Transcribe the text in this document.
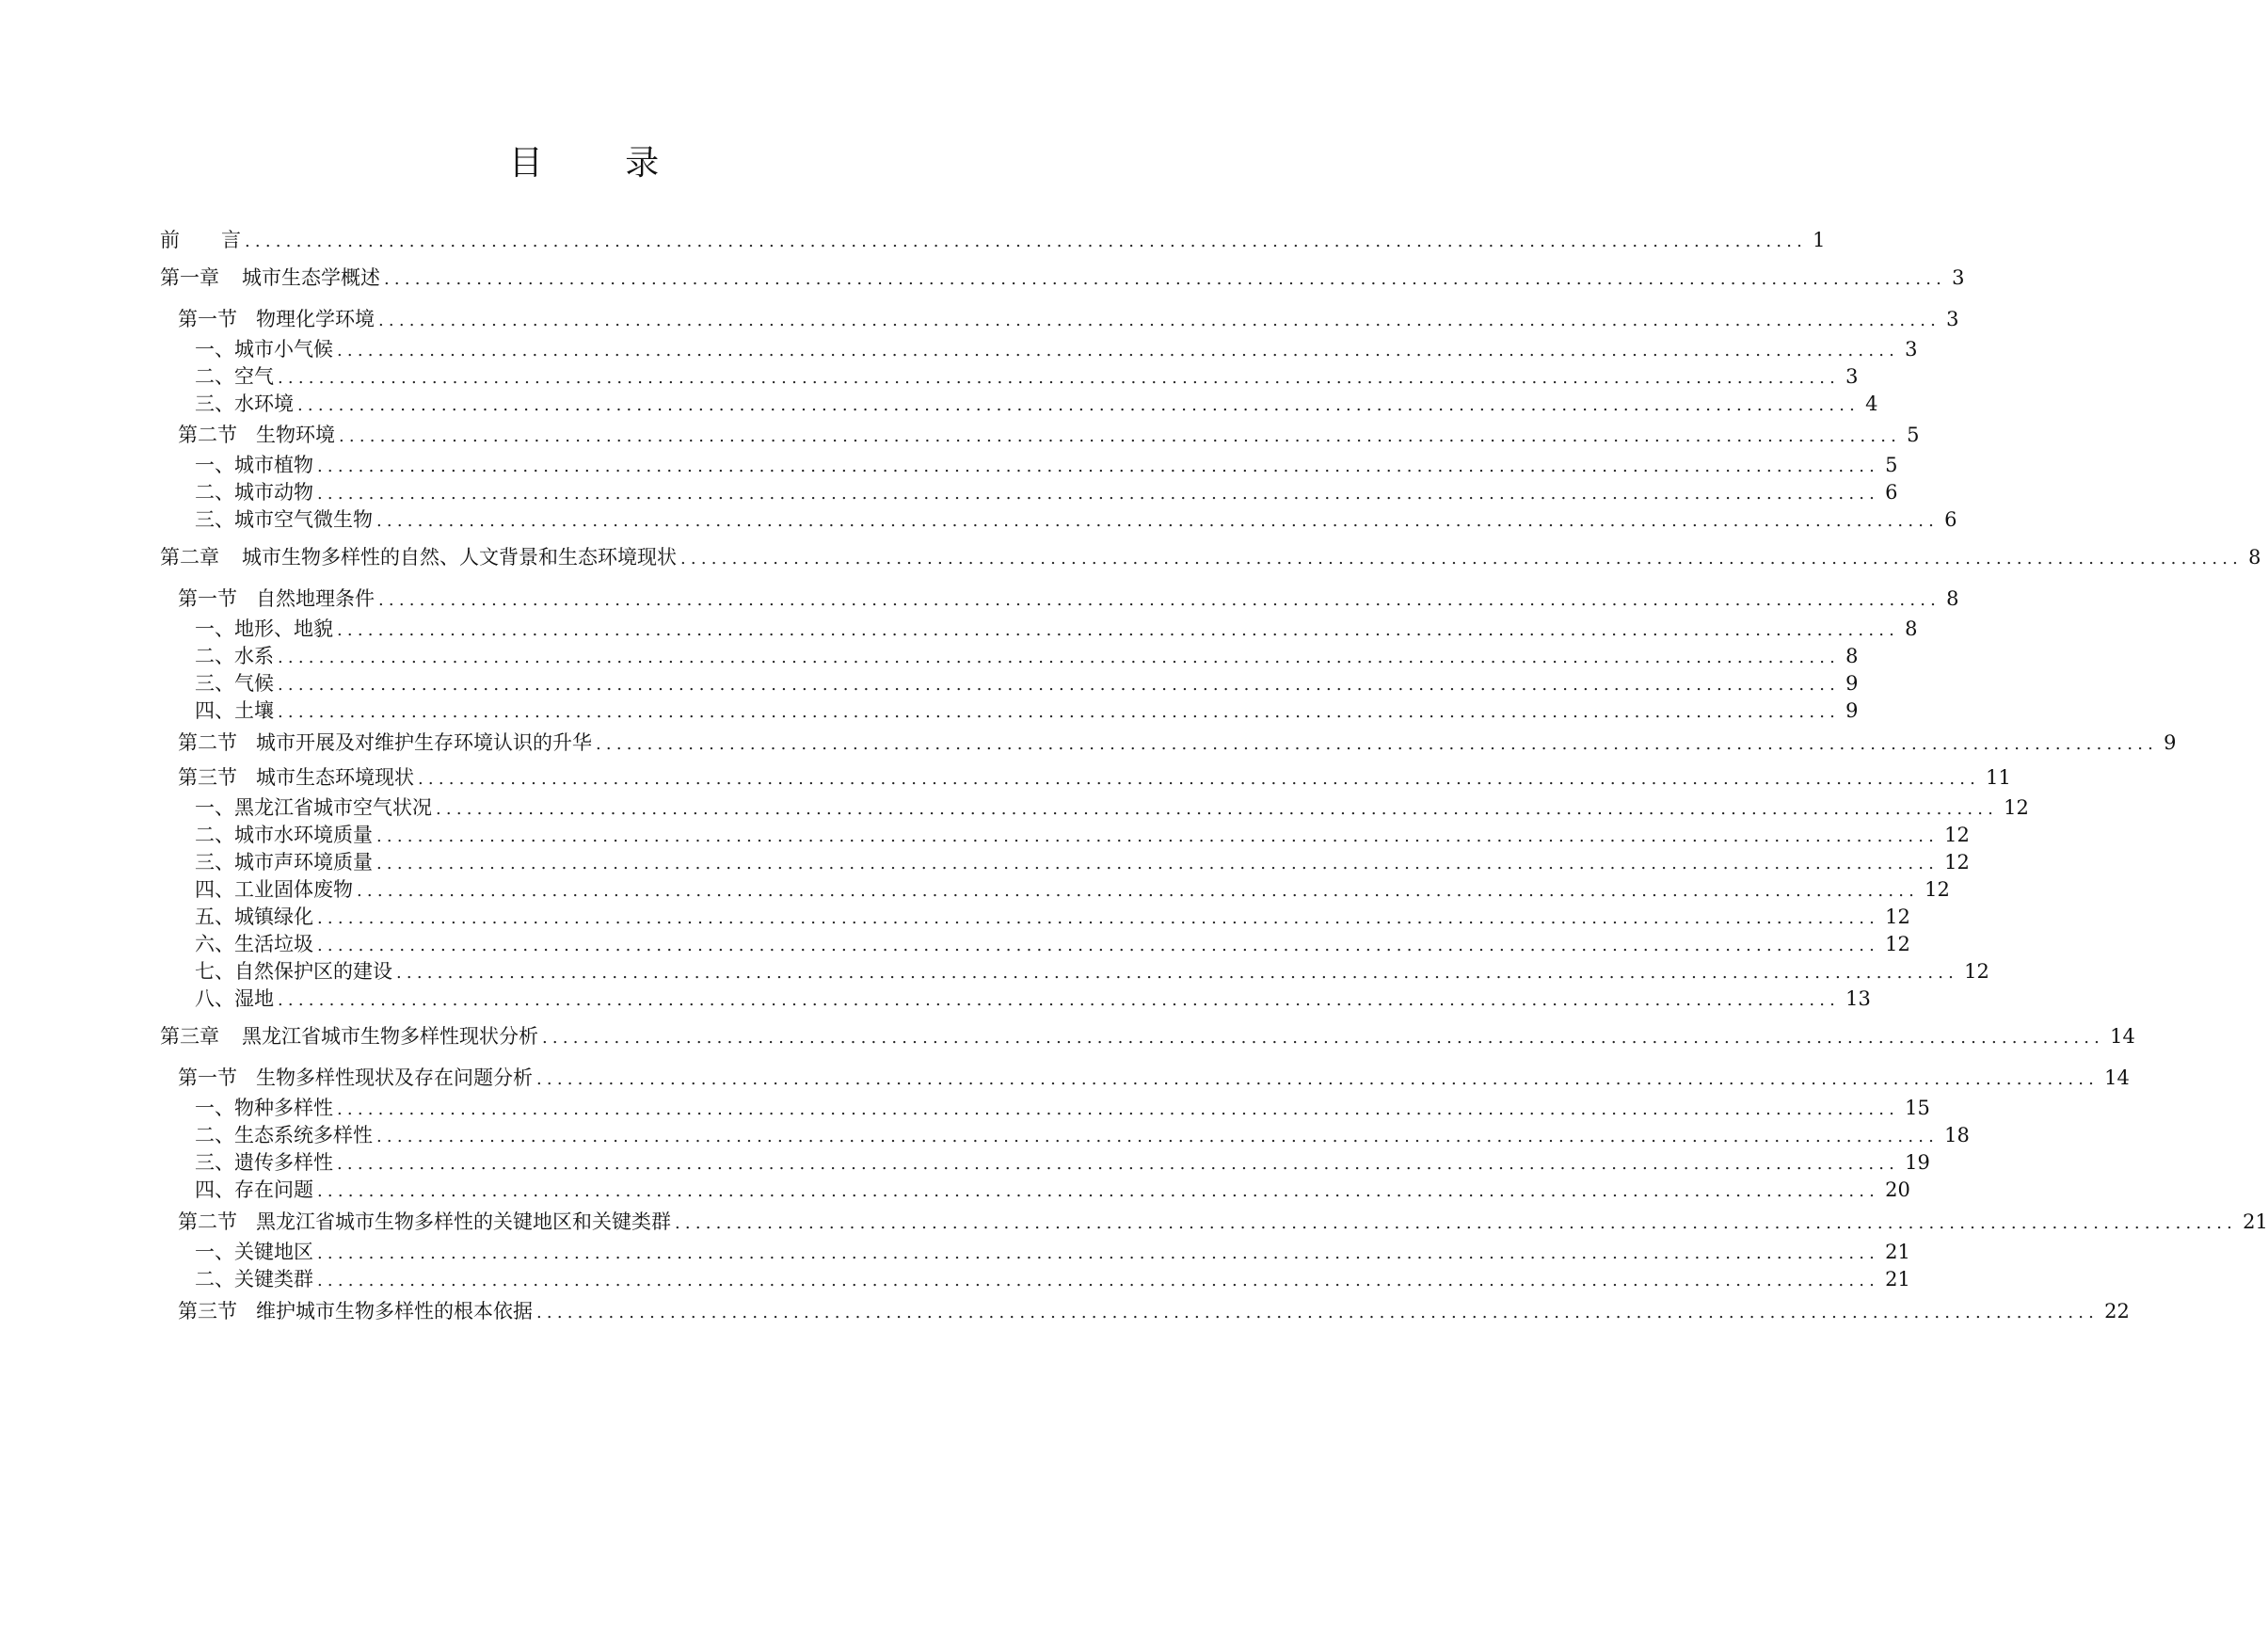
目 录
前 言 ........................................................................................................................................................ 1
第一章 城市生态学概述 ........................................................................................................................................................ 3
第一节 物理化学环境 ........................................................................................................................................................ 3
一、城市小气候 ........................................................................................................................................................ 3
二、空气 ........................................................................................................................................................ 3
三、水环境 ........................................................................................................................................................ 4
第二节 生物环境 ........................................................................................................................................................ 5
一、城市植物 ........................................................................................................................................................ 5
二、城市动物 ........................................................................................................................................................ 6
三、城市空气微生物 ........................................................................................................................................................ 6
第二章 城市生物多样性的自然、人文背景和生态环境现状 ........................................................................................................................................................ 8
第一节 自然地理条件 ........................................................................................................................................................ 8
一、地形、地貌 ........................................................................................................................................................ 8
二、水系 ........................................................................................................................................................ 8
三、气候 ........................................................................................................................................................ 9
四、土壤 ........................................................................................................................................................ 9
第二节 城市开展及对维护生存环境认识的升华 ........................................................................................................................................................ 9
第三节 城市生态环境现状 ........................................................................................................................................................ 11
一、黑龙江省城市空气状况 ........................................................................................................................................................ 12
二、城市水环境质量 ........................................................................................................................................................ 12
三、城市声环境质量 ........................................................................................................................................................ 12
四、工业固体废物 ........................................................................................................................................................ 12
五、城镇绿化 ........................................................................................................................................................ 12
六、生活垃圾 ........................................................................................................................................................ 12
七、自然保护区的建设 ........................................................................................................................................................ 12
八、湿地 ........................................................................................................................................................ 13
第三章 黑龙江省城市生物多样性现状分析 ........................................................................................................................................................ 14
第一节 生物多样性现状及存在问题分析 ........................................................................................................................................................ 14
一、物种多样性 ........................................................................................................................................................ 15
二、生态系统多样性 ........................................................................................................................................................ 18
三、遗传多样性 ........................................................................................................................................................ 19
四、存在问题 ........................................................................................................................................................ 20
第二节 黑龙江省城市生物多样性的关键地区和关键类群 ........................................................................................................................................................ 21
一、关键地区 ........................................................................................................................................................ 21
二、关键类群 ........................................................................................................................................................ 21
第三节 维护城市生物多样性的根本依据 ........................................................................................................................................................ 22
